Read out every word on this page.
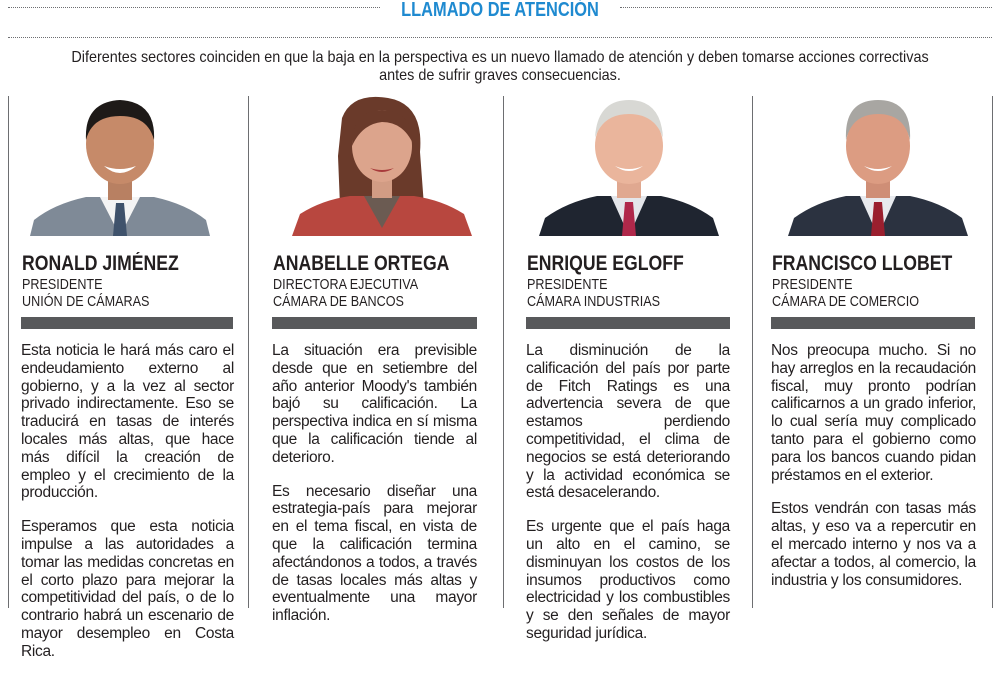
LLAMADO DE ATENCIÓN
Diferentes sectores coinciden en que la baja en la perspectiva es un nuevo llamado de atención y deben tomarse acciones correctivas antes de sufrir graves consecuencias.
RONALD JIMÉNEZ
PRESIDENTE
UNIÓN DE CÁMARAS

Esta noticia le hará más caro el endeudamiento externo al gobierno, y a la vez al sector privado indirectamente. Eso se traducirá en tasas de interés locales más altas, que hace más difícil la creación de empleo y el crecimiento de la producción.

Esperamos que esta noticia impulse a las autoridades a tomar las medidas concretas en el corto plazo para mejorar la competitividad del país, o de lo contrario habrá un escenario de mayor desempleo en Costa Rica.

ANABELLE ORTEGA
DIRECTORA EJECUTIVA
CÁMARA DE BANCOS

La situación era previsible desde que en setiembre del año anterior Moody's también bajó su calificación. La perspectiva indica en sí misma que la calificación tiende al deterioro.

Es necesario diseñar una estrategia-país para mejorar en el tema fiscal, en vista de que la calificación termina afectándonos a todos, a través de tasas locales más altas y eventualmente una mayor inflación.

ENRIQUE EGLOFF
PRESIDENTE
CÁMARA INDUSTRIAS

La disminución de la calificación del país por parte de Fitch Ratings es una advertencia severa de que estamos perdiendo competitividad, el clima de negocios se está deteriorando y la actividad económica se está desacelerando.

Es urgente que el país haga un alto en el camino, se disminuyan los costos de los insumos productivos como electricidad y los combustibles y se den señales de mayor seguridad jurídica.

FRANCISCO LLOBET
PRESIDENTE
CÁMARA DE COMERCIO

Nos preocupa mucho. Si no hay arreglos en la recaudación fiscal, muy pronto podrían calificarnos a un grado inferior, lo cual sería muy complicado tanto para el gobierno como para los bancos cuando pidan préstamos en el exterior.

Estos vendrán con tasas más altas, y eso va a repercutir en el mercado interno y nos va a afectar a todos, al comercio, la industria y los consumidores.
